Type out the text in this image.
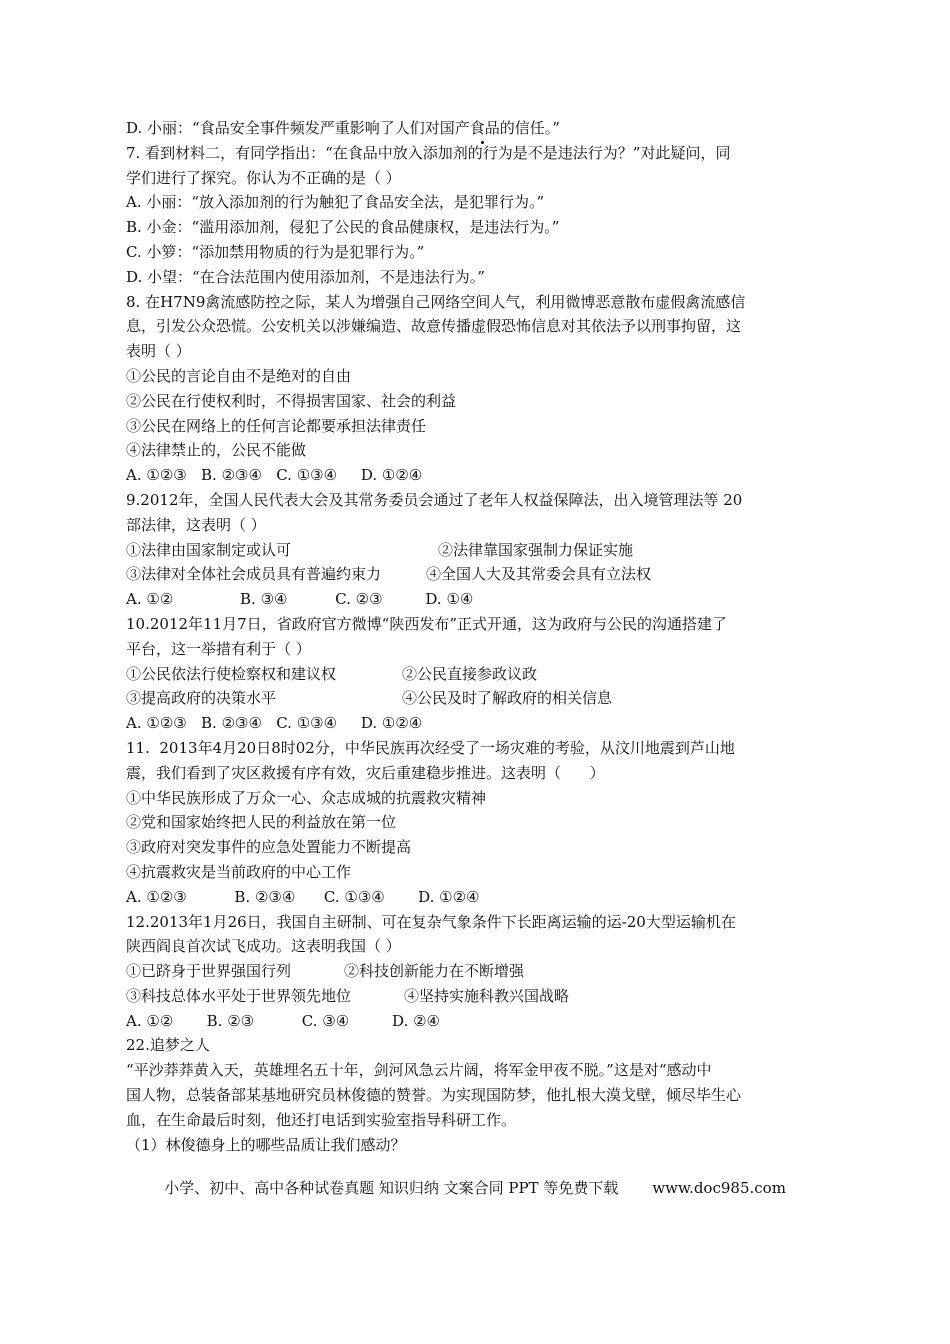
D. 小丽：“食品安全事件频发严重影响了人们对国产食品的信任。”
7. 看到材料二，有同学指出：“在食品中放入添加剂的行为是不是违法行为？”对此疑问，同
学们进行了探究。你认为不正确的是（ ）
A. 小丽：“放入添加剂的行为触犯了食品安全法，是犯罪行为。”
B. 小金：“滥用添加剂，侵犯了公民的食品健康权，是违法行为。”
C. 小箩：“添加禁用物质的行为是犯罪行为。”
D. 小望：“在合法范围内使用添加剂，不是违法行为。”
8. 在H7N9禽流感防控之际，某人为增强自己网络空间人气，利用微博恶意散布虚假禽流感信
息，引发公众恐慌。公安机关以涉嫌编造、故意传播虚假恐怖信息对其依法予以刑事拘留，这
表明（ ）
①公民的言论自由不是绝对的自由
②公民在行使权利时，不得损害国家、社会的利益
③公民在网络上的任何言论都要承担法律责任
④法律禁止的，公民不能做
A. ①②③   B. ②③④   C. ①③④     D. ①②④
9.2012年，全国人民代表大会及其常务委员会通过了老年人权益保障法，出入境管理法等 20
部法律，这表明（ ）
①法律由国家制定或认可	②法律靠国家强制力保证实施
③法律对全体社会成员具有普遍约束力	④全国人大及其常委会具有立法权
A. ①②              B. ③④          C. ②③         D. ①④
10.2012年11月7日，省政府官方微博“陕西发布”正式开通，这为政府与公民的沟通搭建了
平台，这一举措有利于（ ）
①公民依法行使检察权和建议权	②公民直接参政议政
③提高政府的决策水平	④公民及时了解政府的相关信息
A. ①②③   B. ②③④   C. ①③④     D. ①②④
11.  2013年4月20日8时02分，中华民族再次经受了一场灾难的考验，从汶川地震到芦山地
震，我们看到了灾区救援有序有效，灾后重建稳步推进。这表明（      ）
①中华民族形成了万众一心、众志成城的抗震救灾精神
②党和国家始终把人民的利益放在第一位
③政府对突发事件的应急处置能力不断提高
④抗震救灾是当前政府的中心工作
A. ①②③          B. ②③④      C. ①③④       D. ①②④
12.2013年1月26日，我国自主研制、可在复杂气象条件下长距离运输的运-20大型运输机在
陕西阎良首次试飞成功。这表明我国（ ）
①已跻身于世界强国行列	②科技创新能力在不断增强
③科技总体水平处于世界领先地位	④坚持实施科教兴国战略
A. ①②       B. ②③          C. ③④         D. ②④
22.追梦之人
“平沙莽莽黄入天，英雄埋名五十年，剑河风急云片阔，将军金甲夜不脱。”这是对“感动中
国人物，总装备部某基地研究员林俊德的赞誉。为实现国防梦，他扎根大漠戈壁，倾尽毕生心
血，在生命最后时刻，他还打电话到实验室指导科研工作。
（1）林俊德身上的哪些品质让我们感动？
小学、初中、高中各种试卷真题 知识归纳 文案合同 PPT 等免费下载 www.doc985.com
